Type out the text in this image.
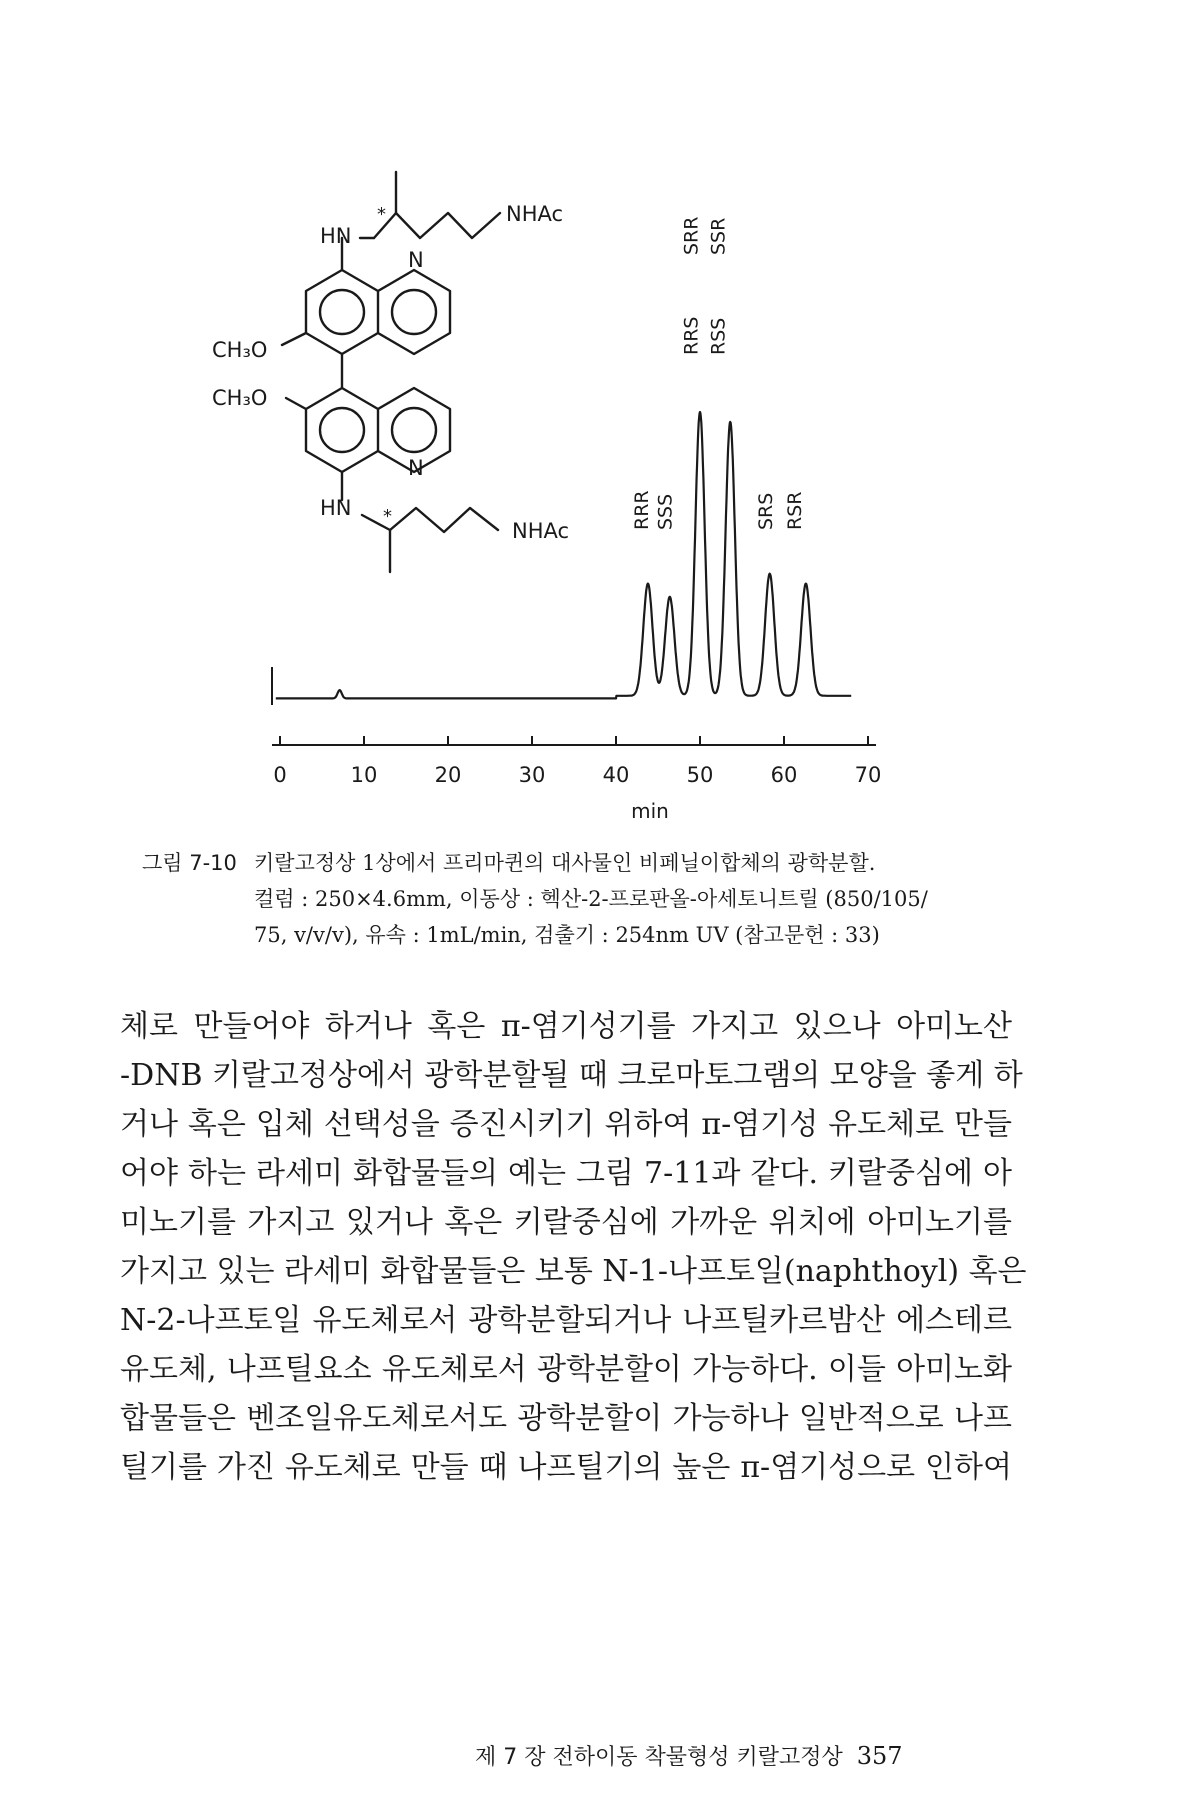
NHAc
HN
*
N
CH₃O
CH₃O
N
HN *
NHAc
0	10	20	30	40	50	60	70
RRR SSS
RRS RSS
SRR SSR
SRS RSR
min
그림 7-10 키랄고정상 1상에서 프리마퀸의 대사물인 비페닐이합체의 광학분할.
컬럼 : 250×4.6mm, 이동상 : 헥산-2-프로판올-아세토니트릴 (850/105/
75, v/v/v), 유속 : 1mL/min, 검출기 : 254nm UV (참고문헌 : 33)
체로 만들어야 하거나 혹은 π-염기성기를 가지고 있으나 아미노산
-DNB 키랄고정상에서 광학분할될 때 크로마토그램의 모양을 좋게 하
거나 혹은 입체 선택성을 증진시키기 위하여 π-염기성 유도체로 만들
어야 하는 라세미 화합물들의 예는 그림 7-11과 같다. 키랄중심에 아
미노기를 가지고 있거나 혹은 키랄중심에 가까운 위치에 아미노기를
가지고 있는 라세미 화합물들은 보통 N-1-나프토일(naphthoyl) 혹은
N-2-나프토일 유도체로서 광학분할되거나 나프틸카르밤산 에스테르
유도체, 나프틸요소 유도체로서 광학분할이 가능하다. 이들 아미노화
합물들은 벤조일유도체로서도 광학분할이 가능하나 일반적으로 나프
틸기를 가진 유도체로 만들 때 나프틸기의 높은 π-염기성으로 인하여
제 7 장 전하이동 착물형성 키랄고정상 357
